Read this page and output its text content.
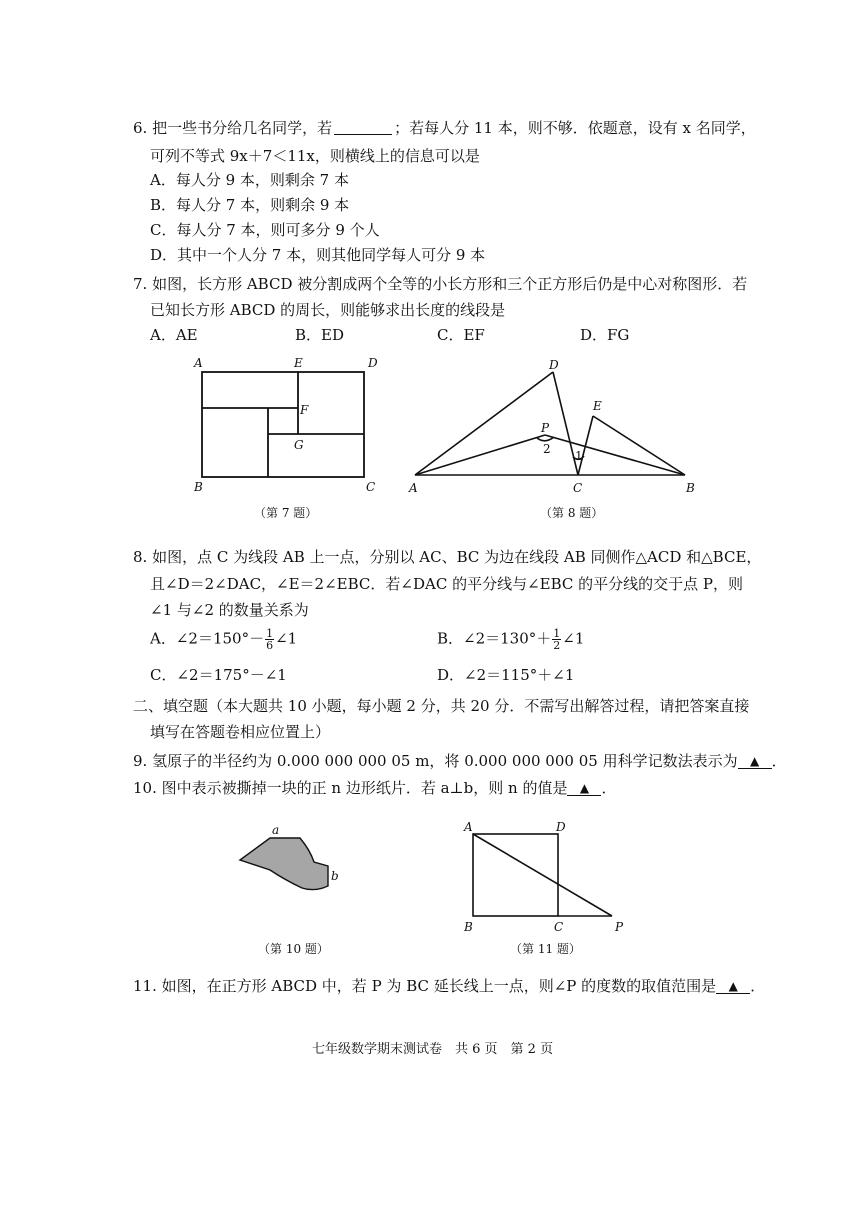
6. 把一些书分给几名同学，若	；若每人分 11 本，则不够．依题意，设有 x 名同学，
可列不等式 9x＋7＜11x，则横线上的信息可以是
A．每人分 9 本，则剩余 7 本
B．每人分 7 本，则剩余 9 本
C．每人分 7 本，则可多分 9 个人
D．其中一个人分 7 本，则其他同学每人可分 9 本
7. 如图，长方形 ABCD 被分割成两个全等的小长方形和三个正方形后仍是中心对称图形．若
已知长方形 ABCD 的周长，则能够求出长度的线段是
A．AE	B．ED	C．EF	D．FG
A	E	D
F
G
B	C
（第 7 题）
D
E
P
2 1
A	C	B
（第 8 题）
8. 如图，点 C 为线段 AB 上一点，分别以 AC、BC 为边在线段 AB 同侧作△ACD 和△BCE，
且∠D＝2∠DAC，∠E＝2∠EBC．若∠DAC 的平分线与∠EBC 的平分线的交于点 P，则
∠1 与∠2 的数量关系为
A．∠2＝150°－ $\frac{1}{6}$ ∠1	B．∠2＝130°＋ $\frac{1}{2}$ ∠1
C．∠2＝175°－∠1	D．∠2＝115°＋∠1
二、填空题（本大题共 10 小题，每小题 2 分，共 20 分．不需写出解答过程，请把答案直接
填写在答题卷相应位置上）
9. 氢原子的半径约为 0.000 000 000 05 m，将 0.000 000 000 05 用科学记数法表示为 ▲ ．
10. 图中表示被撕掉一块的正 n 边形纸片．若 a⊥b，则 n 的值是 ▲ ．
a
b
（第 10 题）
A	D
B	C	P
（第 11 题）
11. 如图，在正方形 ABCD 中，若 P 为 BC 延长线上一点，则∠P 的度数的取值范围是 ▲ ．
七年级数学期末测试卷　共 6 页　第 2 页
